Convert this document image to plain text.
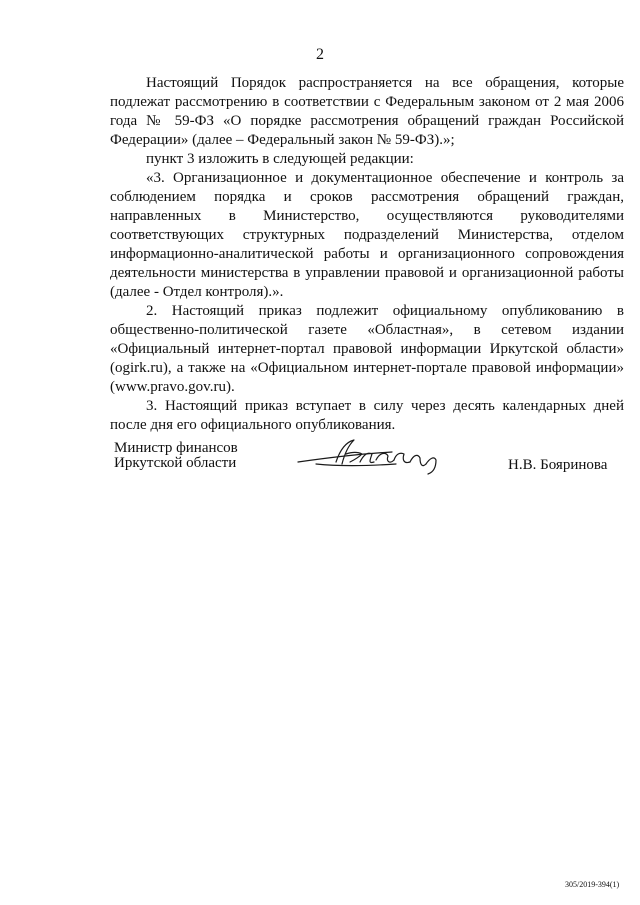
2

Настоящий Порядок распространяется на все обращения, которые подлежат рассмотрению в соответствии с Федеральным законом от 2 мая 2006 года № 59-ФЗ «О порядке рассмотрения обращений граждан Российской Федерации» (далее – Федеральный закон № 59-ФЗ).»;

пункт 3 изложить в следующей редакции:

«3. Организационное и документационное обеспечение и контроль за соблюдением порядка и сроков рассмотрения обращений граждан, направленных в Министерство, осуществляются руководителями соответствующих структурных подразделений Министерства, отделом информационно-аналитической работы и организационного сопровождения деятельности министерства в управлении правовой и организационной работы (далее - Отдел контроля).».

2. Настоящий приказ подлежит официальному опубликованию в общественно-политической газете «Областная», в сетевом издании «Официальный интернет-портал правовой информации Иркутской области» (ogirk.ru), а также на «Официальном интернет-портале правовой информации» (www.pravo.gov.ru).

3. Настоящий приказ вступает в силу через десять календарных дней после дня его официального опубликования.

Министр финансов
Иркутской области	Н.В. Бояринова
305/2019-394(1)
